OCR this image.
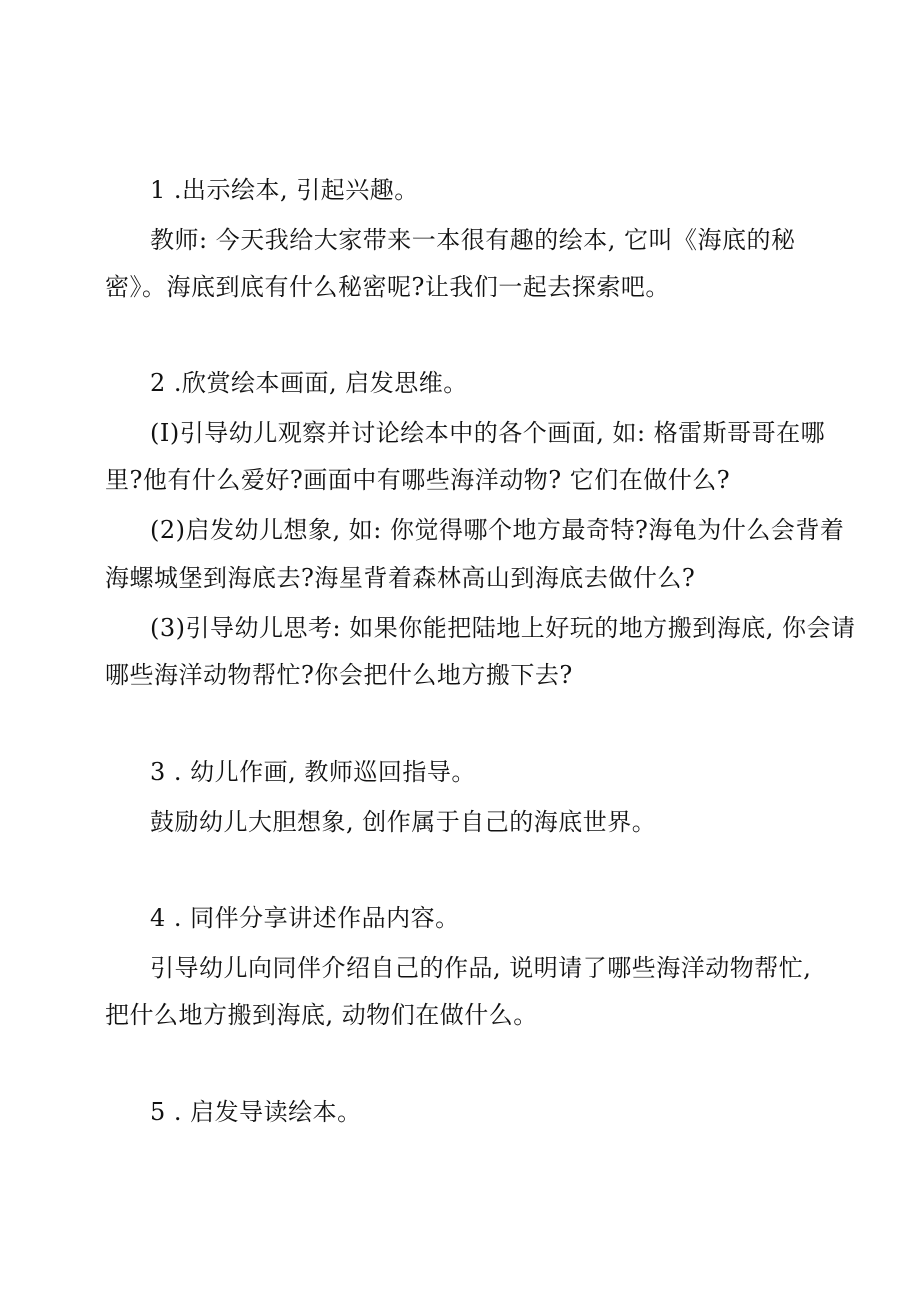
1 .出示绘本, 引起兴趣。

教师: 今天我给大家带来一本很有趣的绘本, 它叫《海底的秘

密》。海底到底有什么秘密呢?让我们一起去探索吧。

2 .欣赏绘本画面, 启发思维。

(I)引导幼儿观察并讨论绘本中的各个画面, 如: 格雷斯哥哥在哪

里?他有什么爱好?画面中有哪些海洋动物? 它们在做什么?

(2)启发幼儿想象, 如: 你觉得哪个地方最奇特?海龟为什么会背着

海螺城堡到海底去?海星背着森林高山到海底去做什么?

(3)引导幼儿思考: 如果你能把陆地上好玩的地方搬到海底, 你会请

哪些海洋动物帮忙?你会把什么地方搬下去?

3 . 幼儿作画, 教师巡回指导。

鼓励幼儿大胆想象, 创作属于自己的海底世界。

4 . 同伴分享讲述作品内容。

引导幼儿向同伴介绍自己的作品, 说明请了哪些海洋动物帮忙,

把什么地方搬到海底, 动物们在做什么。

5 . 启发导读绘本。
